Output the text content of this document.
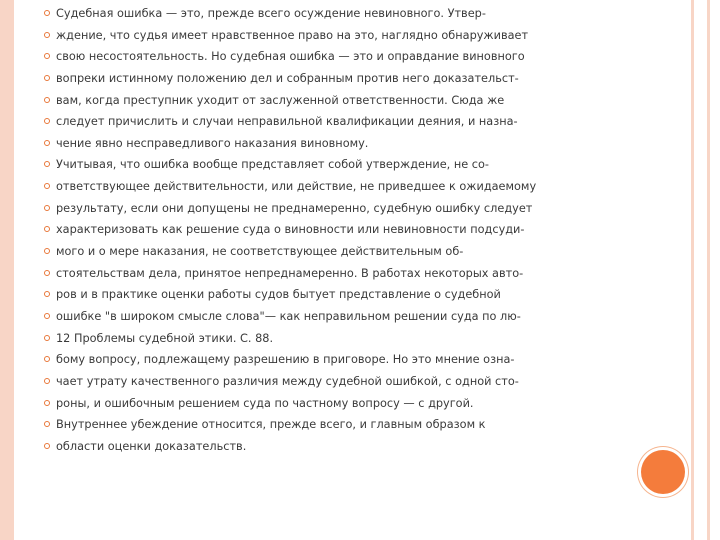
Судебная ошибка — это, прежде всего осуждение невиновного. Утвер-
ждение, что судья имеет нравственное право на это, наглядно обнаруживает
свою несостоятельность. Но судебная ошибка — это и оправдание виновного
вопреки истинному положению дел и собранным против него доказательст-
вам, когда преступник уходит от заслуженной ответственности. Сюда же
следует причислить и случаи неправильной квалификации деяния, и назна-
чение явно несправедливого наказания виновному.
Учитывая, что ошибка вообще представляет собой утверждение, не со-
ответствующее действительности, или действие, не приведшее к ожидаемому
результату, если они допущены не преднамеренно, судебную ошибку следует
характеризовать как решение суда о виновности или невиновности подсуди-
мого и о мере наказания, не соответствующее действительным об-
стоятельствам дела, принятое непреднамеренно. В работах некоторых авто-
ров и в практике оценки работы судов бытует представление о судебной
ошибке "в широком смысле слова"— как неправильном решении суда по лю-
12 Проблемы судебной этики. С. 88.
бому вопросу, подлежащему разрешению в приговоре. Но это мнение озна-
чает утрату качественного различия между судебной ошибкой, с одной сто-
роны, и ошибочным решением суда по частному вопросу — с другой.
Внутреннее убеждение относится, прежде всего, и главным образом к
области оценки доказательств.
